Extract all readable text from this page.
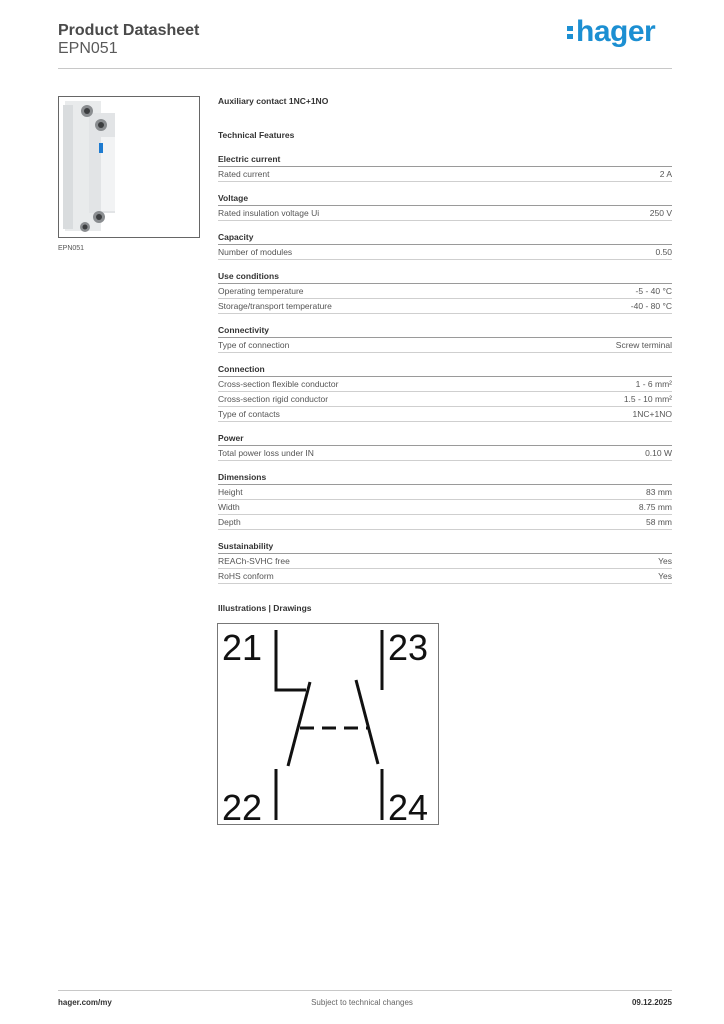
Product Datasheet
EPN051
hager
EPN051
Auxiliary contact 1NC+1NO
Technical Features
Electric current
Rated current	2 A
Voltage
Rated insulation voltage Ui	250 V
Capacity
Number of modules	0.50
Use conditions
Operating temperature	-5 - 40 °C
Storage/transport temperature	-40 - 80 °C
Connectivity
Type of connection	Screw terminal
Connection
Cross-section flexible conductor	1 - 6 mm²
Cross-section rigid conductor	1.5 - 10 mm²
Type of contacts	1NC+1NO
Power
Total power loss under IN	0.10 W
Dimensions
Height	83 mm
Width	8.75 mm
Depth	58 mm
Sustainability
REACh-SVHC free	Yes
RoHS conform	Yes
Illustrations | Drawings
21	23
22	24
Subject to technical changes
hager.com/my	09.12.2025
